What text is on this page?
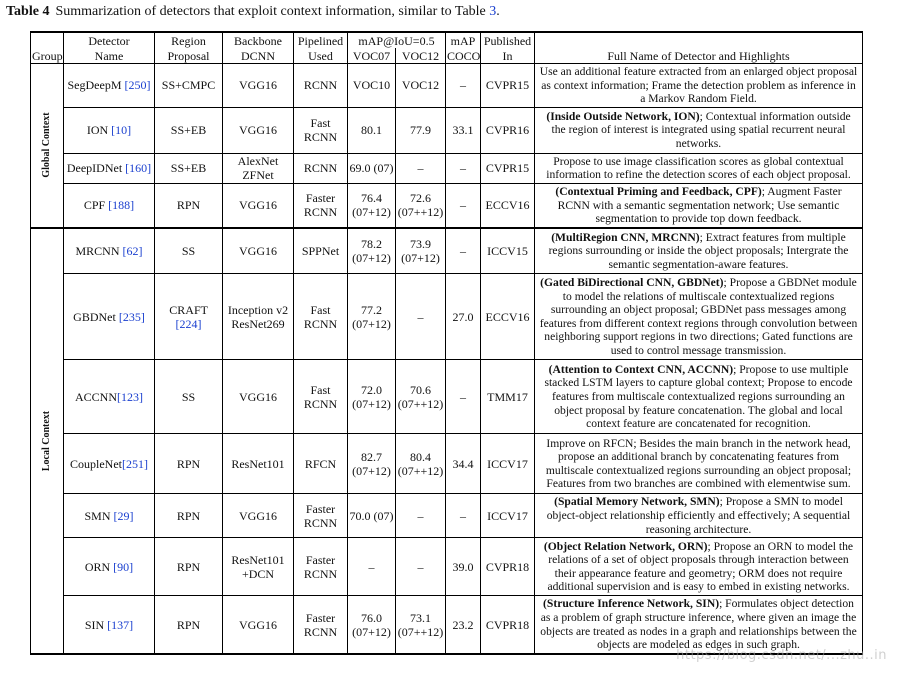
Table 4 Summarization of detectors that exploit context information, similar to Table 3.
	Detector	Region	Backbone	Pipelined	mAP@IoU=0.5		mAP	Published	
Group	Name	Proposal	DCNN	Used	VOC07	VOC12	COCO	In	Full Name of Detector and Highlights

Global Context	SegDeepM [250]	SS+CMPC	VGG16	RCNN	VOC10	VOC12	–	CVPR15	Use an additional feature extracted from an enlarged object proposal as context information; Frame the detection problem as inference in a Markov Random Field.
	ION [10]	SS+EB	VGG16	Fast RCNN	80.1	77.9	33.1	CVPR16	(Inside Outside Network, ION); Contextual information outside the region of interest is integrated using spatial recurrent neural networks.
	DeepIDNet [160]	SS+EB	AlexNet ZFNet	RCNN	69.0 (07)	–	–	CVPR15	Propose to use image classification scores as global contextual information to refine the detection scores of each object proposal.
	CPF [188]	RPN	VGG16	Faster RCNN	76.4 (07+12)	72.6 (07++12)	–	ECCV16	(Contextual Priming and Feedback, CPF); Augment Faster RCNN with a semantic segmentation network; Use semantic segmentation to provide top down feedback.

Local Context	MRCNN [62]	SS	VGG16	SPPNet	78.2 (07+12)	73.9 (07+12)	–	ICCV15	(MultiRegion CNN, MRCNN); Extract features from multiple regions surrounding or inside the object proposals; Intergrate the semantic segmentation-aware features.
	GBDNet [235]	CRAFT [224]	Inception v2 ResNet269	Fast RCNN	77.2 (07+12)	–	27.0	ECCV16	(Gated BiDirectional CNN, GBDNet); Propose a GBDNet module to model the relations of multiscale contextualized regions surrounding an object proposal; GBDNet pass messages among features from different context regions through convolution between neighboring support regions in two directions; Gated functions are used to control message transmission.
	ACCNN[123]	SS	VGG16	Fast RCNN	72.0 (07+12)	70.6 (07++12)	–	TMM17	(Attention to Context CNN, ACCNN); Propose to use multiple stacked LSTM layers to capture global context; Propose to encode features from multiscale contextualized regions surrounding an object proposal by feature concatenation. The global and local context feature are concatenated for recognition.
	CoupleNet[251]	RPN	ResNet101	RFCN	82.7 (07+12)	80.4 (07++12)	34.4	ICCV17	Improve on RFCN; Besides the main branch in the network head, propose an additional branch by concatenating features from multiscale contextualized regions surrounding an object proposal; Features from two branches are combined with elementwise sum.
	SMN [29]	RPN	VGG16	Faster RCNN	70.0 (07)	–	–	ICCV17	(Spatial Memory Network, SMN); Propose a SMN to model object-object relationship efficiently and effectively; A sequential reasoning architecture.
	ORN [90]	RPN	ResNet101 +DCN	Faster RCNN	–	–	39.0	CVPR18	(Object Relation Network, ORN); Propose an ORN to model the relations of a set of object proposals through interaction between their appearance feature and geometry; ORM does not require additional supervision and is easy to embed in existing networks.
	SIN [137]	RPN	VGG16	Faster RCNN	76.0 (07+12)	73.1 (07++12)	23.2	CVPR18	(Structure Inference Network, SIN); Formulates object detection as a problem of graph structure inference, where given an image the objects are treated as nodes in a graph and relationships between the objects are modeled as edges in such graph.
https://blog.csdn.net/...zhu..in
